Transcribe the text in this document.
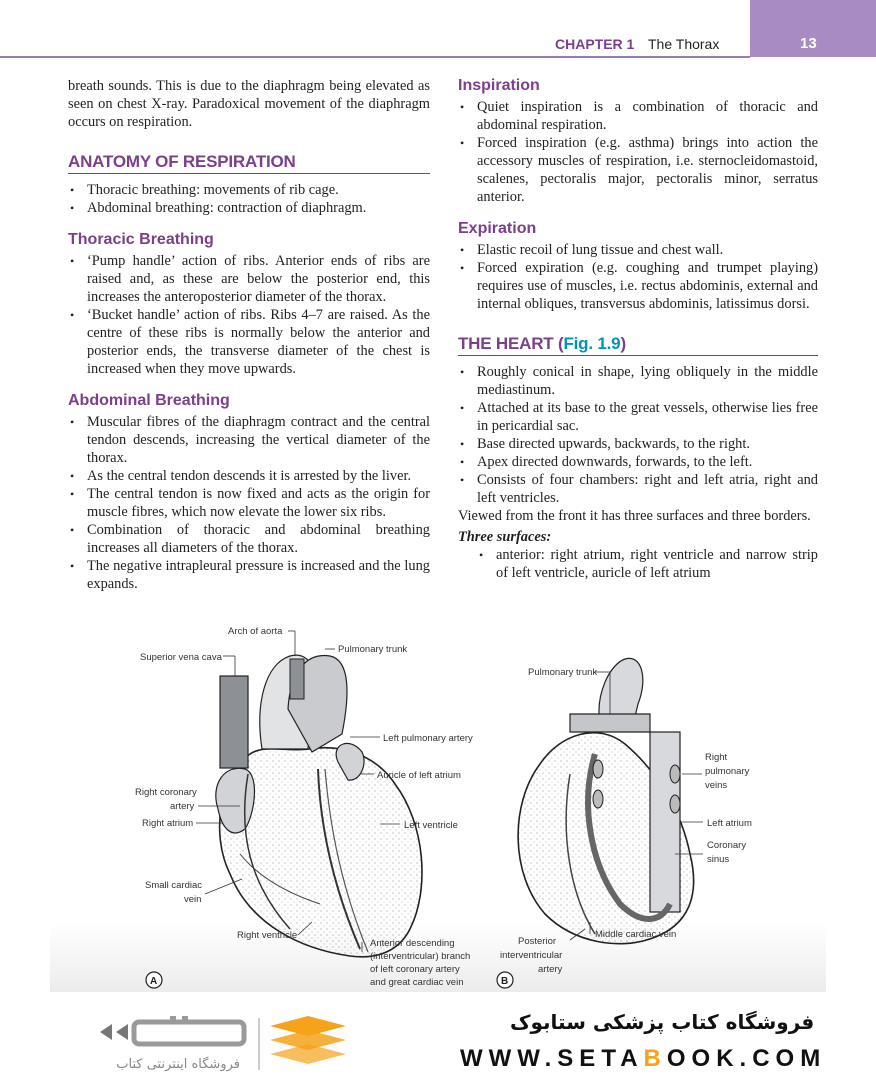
CHAPTER 1 The Thorax	13

breath sounds. This is due to the diaphragm being elevated as seen on chest X-ray. Paradoxical movement of the diaphragm occurs on respiration.

ANATOMY OF RESPIRATION
• Thoracic breathing: movements of rib cage.
• Abdominal breathing: contraction of diaphragm.
Thoracic Breathing
• ‘Pump handle’ action of ribs. Anterior ends of ribs are raised and, as these are below the posterior end, this increases the anteroposterior diameter of the thorax.
• ‘Bucket handle’ action of ribs. Ribs 4–7 are raised. As the centre of these ribs is normally below the anterior and posterior ends, the transverse diameter of the chest is increased when they move upwards.
Abdominal Breathing
• Muscular fibres of the diaphragm contract and the central tendon descends, increasing the vertical diameter of the thorax.
• As the central tendon descends it is arrested by the liver.
• The central tendon is now fixed and acts as the origin for muscle fibres, which now elevate the lower six ribs.
• Combination of thoracic and abdominal breathing increases all diameters of the thorax.
• The negative intrapleural pressure is increased and the lung expands.
Inspiration
• Quiet inspiration is a combination of thoracic and abdominal respiration.
• Forced inspiration (e.g. asthma) brings into action the accessory muscles of respiration, i.e. sternocleidomastoid, scalenes, pectoralis major, pectoralis minor, serratus anterior.
Expiration
• Elastic recoil of lung tissue and chest wall.
• Forced expiration (e.g. coughing and trumpet playing) requires use of muscles, i.e. rectus abdominis, external and internal obliques, transversus abdominis, latissimus dorsi.
THE HEART (Fig. 1.9)
• Roughly conical in shape, lying obliquely in the middle mediastinum.
• Attached at its base to the great vessels, otherwise lies free in pericardial sac.
• Base directed upwards, backwards, to the right.
• Apex directed downwards, forwards, to the left.
• Consists of four chambers: right and left atria, right and left ventricles.

Viewed from the front it has three surfaces and three borders.

Three surfaces:

• anterior: right atrium, right ventricle and narrow strip of left ventricle, auricle of left atrium
Arch of aorta
Superior vena cava
Pulmonary trunk
Left pulmonary artery
Auricle of left atrium
Right coronary
artery
Right atrium	Left ventricle
Small cardiac
vein
Right ventricle
Anterior descending
(interventricular) branch
of left coronary artery
and great cardiac vein
A
Pulmonary trunk
Right
pulmonary
veins
Left atrium
Coronary
sinus
Posterior
interventricular
artery
Middle cardiac vein
B
فروشگاه اینترنتی کتاب
فروشگاه کتاب پزشکی ستابوک
WWW.SETABOOK.COM
